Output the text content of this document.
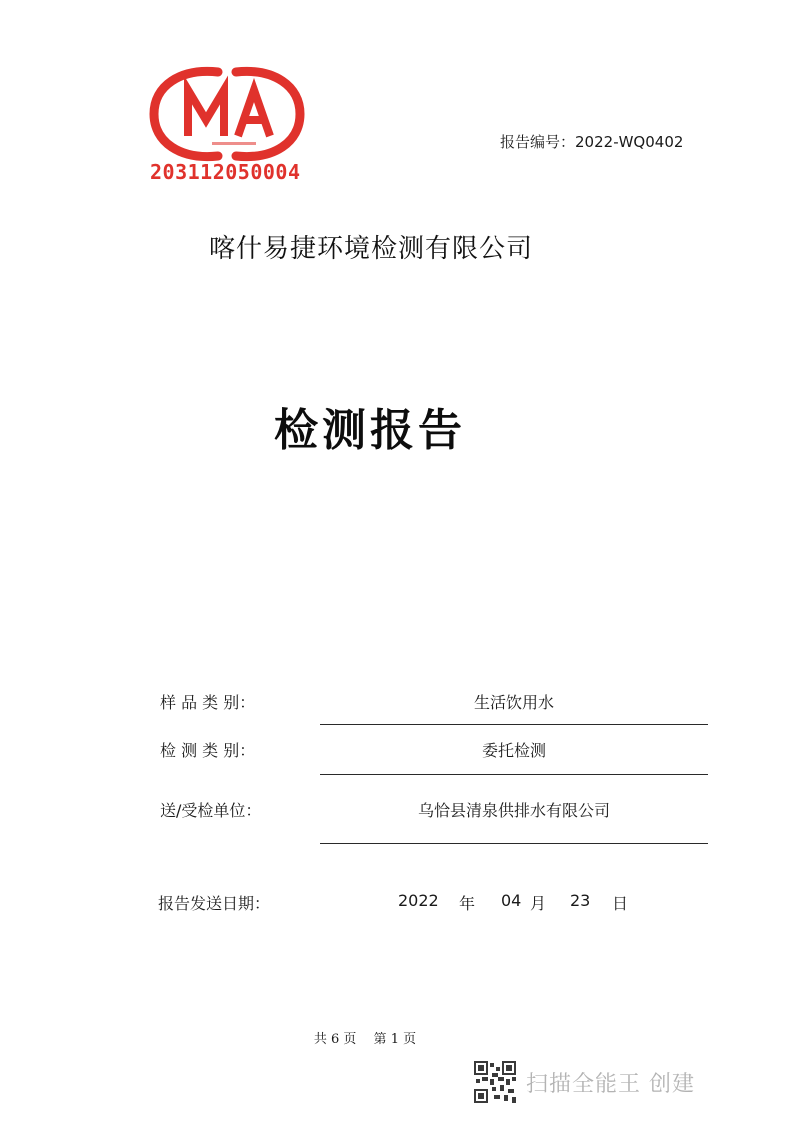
203112050004
报告编号：2022-WQ0402
喀什易捷环境检测有限公司
检测报告
样 品 类 别：	生活饮用水
检 测 类 别：	委托检测
送/受检单位：	乌恰县清泉供排水有限公司
报告发送日期：	2022 年 04 月 23 日
共 6 页　 第 1 页
扫描全能王 创建
